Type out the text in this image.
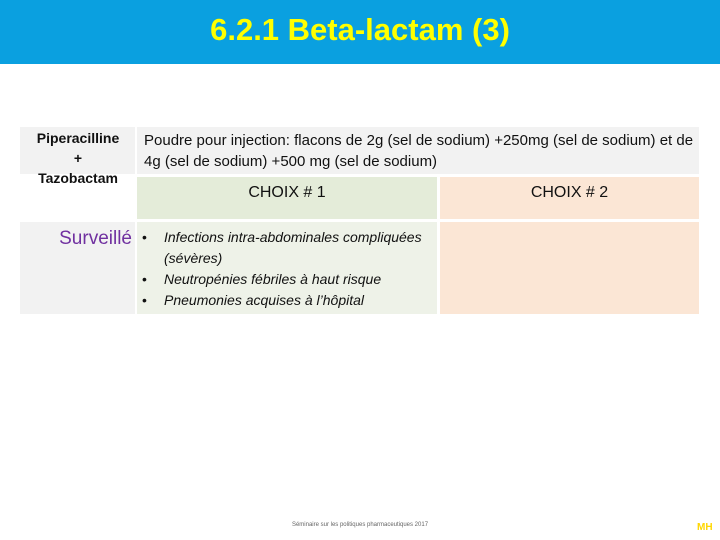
6.2.1 Beta-lactam (3)
Piperacilline
+
Tazobactam
Poudre pour injection: flacons de 2g (sel de sodium) +250mg (sel de sodium) et de 4g (sel de sodium) +500 mg (sel de sodium)
CHOIX # 1	CHOIX # 2
Surveillé • Infections intra-abdominales compliquées (sévères)
• Neutropénies fébriles à haut risque
• Pneumonies acquises à l’hôpital
Séminaire sur les politiques pharmaceutiques 2017	MH
